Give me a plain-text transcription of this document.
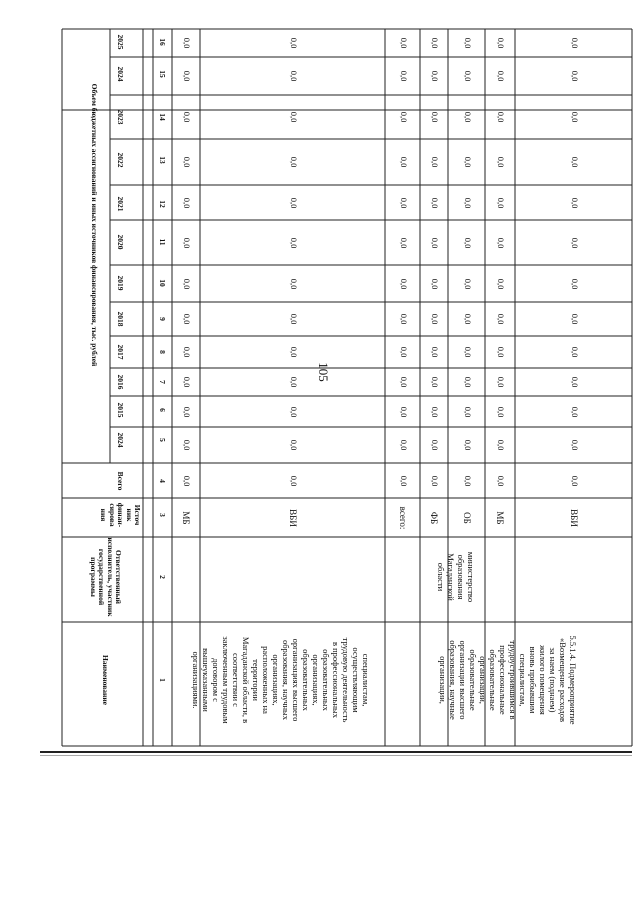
105
Объем бюджетных ассигнований и иных источников финансирования, тыс. рублей
Наименование
Ответственный
исполнитель, участник
государственной
программы
Источ
ник
финан-
сирова
ния
Всего
2024
2015
2016
2017
2018
2019
2020
2021
2022
2023
2024
2025
1
2
3
4
5
6
7
8
9
10
11
12
13
14
15
16
специалистам,
осуществляющим
трудовую деятельность
в профессиональных
образовательных
организациях,
образовательных
организациях высшего
образования, научных
организациях,
расположенных на
территории
Магаданской области, в
соответствии с
заключенным трудовым
договором с
вышеуказанными
организациями.
5.5.1.4. Подмероприятие
«Возмещение расходов
за наем (поднаем)
жилого помещения
вновь прибывшим
специалистам,
трудоустроившимся в
профессиональные
образовательные
организации,
образовательные
организации высшего
образования, научные
организации,
министерство
образования
Магаданской
области
МБ
0,0
0,0
0,0
0,0
0,0
0,0
0,0
0,0
0,0
0,0
0,0
0,0
0,0
ВБИ
0,0
0,0
0,0
0,0
0,0
0,0
0,0
0,0
0,0
0,0
0,0
0,0
0,0
всего:
0,0
0,0
0,0
0,0
0,0
0,0
0,0
0,0
0,0
0,0
0,0
0,0
0,0
ФБ
0,0
0,0
0,0
0,0
0,0
0,0
0,0
0,0
0,0
0,0
0,0
0,0
0,0
ОБ
0,0
0,0
0,0
0,0
0,0
0,0
0,0
0,0
0,0
0,0
0,0
0,0
0,0
МБ
0,0
0,0
0,0
0,0
0,0
0,0
0,0
0,0
0,0
0,0
0,0
0,0
0,0
ВБИ
0,0
0,0
0,0
0,0
0,0
0,0
0,0
0,0
0,0
0,0
0,0
0,0
0,0
